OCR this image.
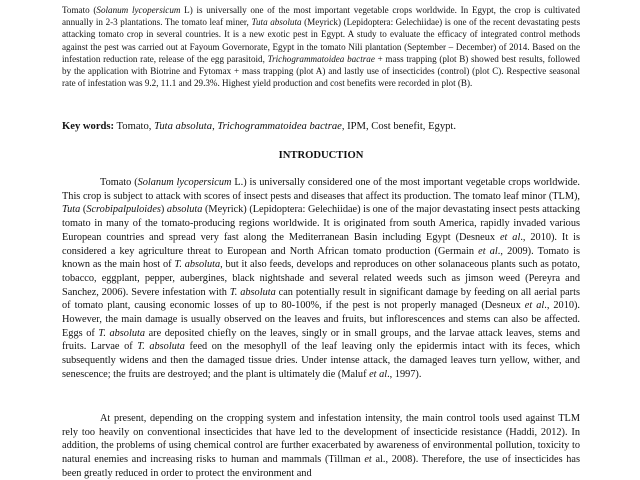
Tomato (Solanum lycopersicum L) is universally one of the most important vegetable crops worldwide. In Egypt, the crop is cultivated annually in 2-3 plantations. The tomato leaf miner, Tuta absoluta (Meyrick) (Lepidoptera: Gelechiidae) is one of the recent devastating pests attacking tomato crop in several countries. It is a new exotic pest in Egypt. A study to evaluate the efficacy of integrated control methods against the pest was carried out at Fayoum Governorate, Egypt in the tomato Nili plantation (September – December) of 2014. Based on the infestation reduction rate, release of the egg parasitoid, Trichogrammatoidea bactrae + mass trapping (plot B) showed best results, followed by the application with Biotrine and Fytomax + mass trapping (plot A) and lastly use of insecticides (control) (plot C). Respective seasonal rate of infestation was 9.2, 11.1 and 29.3%. Highest yield production and cost benefits were recorded in plot (B).
Key words: Tomato, Tuta absoluta, Trichogrammatoidea bactrae, IPM, Cost benefit, Egypt.
INTRODUCTION
Tomato (Solanum lycopersicum L.) is universally considered one of the most important vegetable crops worldwide. This crop is subject to attack with scores of insect pests and diseases that affect its production. The tomato leaf minor (TLM), Tuta (Scrobipalpuloides) absoluta (Meyrick) (Lepidoptera: Gelechiidae) is one of the major devastating insect pests attacking tomato in many of the tomato-producing regions worldwide. It is originated from south America, rapidly invaded various European countries and spread very fast along the Mediterranean Basin including Egypt (Desneux et al., 2010). It is considered a key agriculture threat to European and North African tomato production (Germain et al., 2009). Tomato is known as the main host of T. absoluta, but it also feeds, develops and reproduces on other solanaceous plants such as potato, tobacco, eggplant, pepper, aubergines, black nightshade and several related weeds such as jimson weed (Pereyra and Sanchez, 2006). Severe infestation with T. absoluta can potentially result in significant damage by feeding on all aerial parts of tomato plant, causing economic losses of up to 80-100%, if the pest is not properly managed (Desneux et al., 2010). However, the main damage is usually observed on the leaves and fruits, but inflorescences and stems can also be affected. Eggs of T. absoluta are deposited chiefly on the leaves, singly or in small groups, and the larvae attack leaves, stems and fruits. Larvae of T. absoluta feed on the mesophyll of the leaf leaving only the epidermis intact with its feces, which subsequently widens and then the damaged tissue dries. Under intense attack, the damaged leaves turn yellow, wither, and senescence; the fruits are destroyed; and the plant is ultimately die (Maluf et al., 1997).
At present, depending on the cropping system and infestation intensity, the main control tools used against TLM rely too heavily on conventional insecticides that have led to the development of insecticide resistance (Haddi, 2012). In addition, the problems of using chemical control are further exacerbated by awareness of environmental pollution, toxicity to natural enemies and increasing risks to human and mammals (Tillman et al., 2008). Therefore, the use of insecticides has been greatly reduced in order to protect the environment and
